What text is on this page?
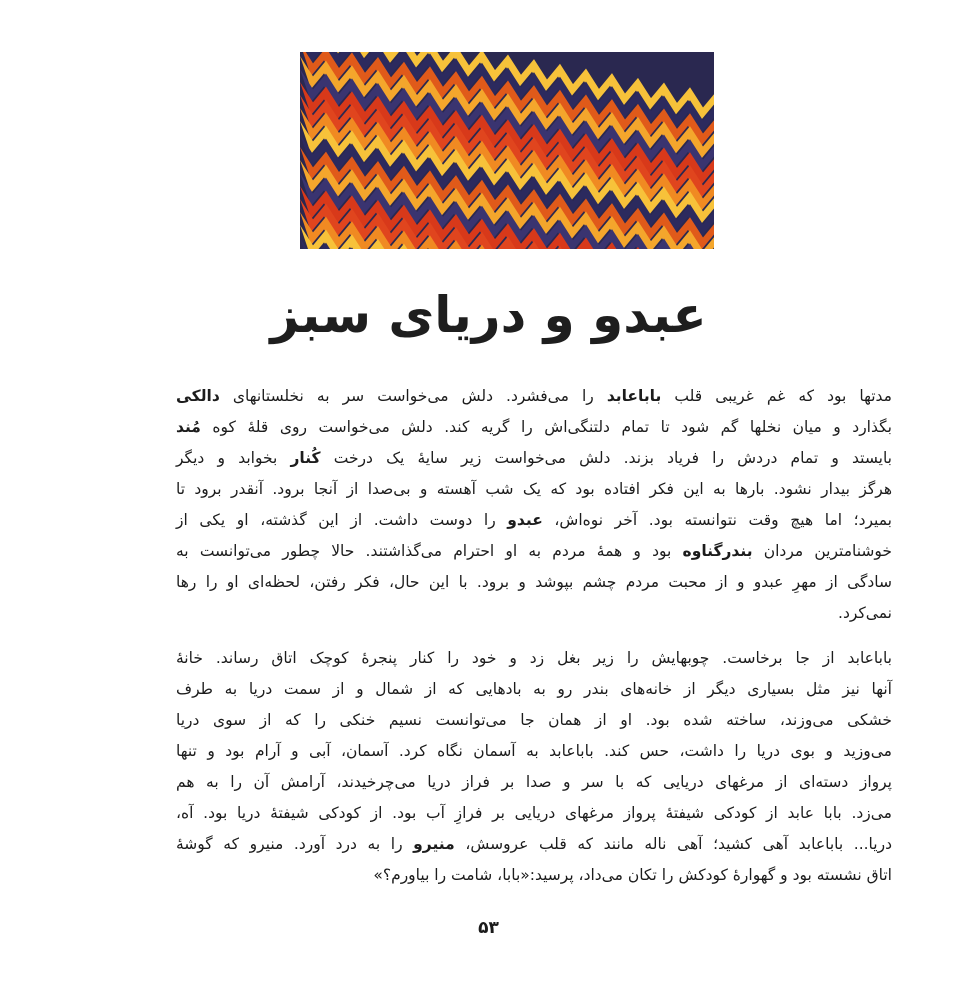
عبدو و دریای سبز
مدتها بود که غم غریبی قلب باباعابد را می‌فشرد. دلش می‌خواست سر به نخلستانهای دالکی
بگذارد و میان نخلها گم شود تا تمام دلتنگی‌اش را گریه کند. دلش می‌خواست روی قلهٔ کوه مُند
بایستد و تمام دردش را فریاد بزند. دلش می‌خواست زیر سایهٔ یک درخت کُنار بخوابد و دیگر
هرگز بیدار نشود. بارها به این فکر افتاده بود که یک شب آهسته و بی‌صدا از آنجا برود. آنقدر برود تا
بمیرد؛ اما هیچ وقت نتوانسته بود. آخر نوه‌اش، عبدو را دوست داشت. از این گذشته، او یکی از
خوشنامترین مردان بندرگناوه بود و همهٔ مردم به او احترام می‌گذاشتند. حالا چطور می‌توانست به
سادگی از مهرِ عبدو و از محبت مردم چشم بپوشد و برود. با این حال، فکر رفتن، لحظه‌ای او را رها
نمی‌کرد.
باباعابد از جا برخاست. چوبهایش را زیر بغل زد و خود را کنار پنجرهٔ کوچک اتاق رساند. خانهٔ
آنها نیز مثل بسیاری دیگر از خانه‌های بندر رو به بادهایی که از شمال و از سمت دریا به طرف
خشکی می‌وزند، ساخته شده بود. او از همان جا می‌توانست نسیم خنکی را که از سوی دریا
می‌وزید و بوی دریا را داشت، حس کند. باباعابد به آسمان نگاه کرد. آسمان، آبی و آرام بود و تنها
پرواز دسته‌ای از مرغهای دریایی که با سر و صدا بر فراز دریا می‌چرخیدند، آرامش آن را به هم
می‌زد. بابا عابد از کودکی شیفتهٔ پرواز مرغهای دریایی بر فرازِ آب بود. از کودکی شیفتهٔ دریا بود. آه،
دریا... باباعابد آهی کشید؛ آهی ناله مانند که قلب عروسش، منیرو را به درد آورد. منیرو که گوشهٔ
اتاق نشسته بود و گهوارهٔ کودکش را تکان می‌داد، پرسید:«بابا، شامت را بیاورم؟»
۵۳
